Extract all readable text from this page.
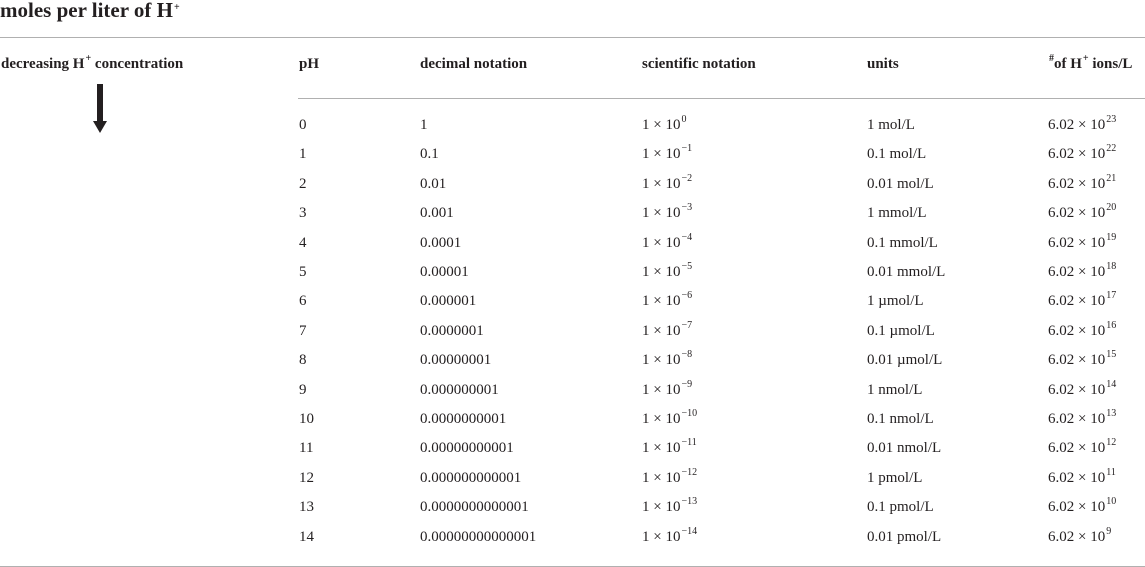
moles per liter of H+
decreasing H+ concentration	pH	decimal notation	scientific notation	units	#of H+ ions/L
0	1	$1 \times 10^0$	1 mol/L	$6.02 \times 10^{23}$
1	0.1	$1 \times 10^{-1}$	0.1 mol/L	$6.02 \times 10^{22}$
2	0.01	$1 \times 10^{-2}$	0.01 mol/L	$6.02 \times 10^{21}$
3	0.001	$1 \times 10^{-3}$	1 mmol/L	$6.02 \times 10^{20}$
4	0.0001	$1 \times 10^{-4}$	0.1 mmol/L	$6.02 \times 10^{19}$
5	0.00001	$1 \times 10^{-5}$	0.01 mmol/L	$6.02 \times 10^{18}$
6	0.000001	$1 \times 10^{-6}$	1 µmol/L	$6.02 \times 10^{17}$
7	0.0000001	$1 \times 10^{-7}$	0.1 µmol/L	$6.02 \times 10^{16}$
8	0.00000001	$1 \times 10^{-8}$	0.01 µmol/L	$6.02 \times 10^{15}$
9	0.000000001	$1 \times 10^{-9}$	1 nmol/L	$6.02 \times 10^{14}$
10	0.0000000001	$1 \times 10^{-10}$	0.1 nmol/L	$6.02 \times 10^{13}$
11	0.00000000001	$1 \times 10^{-11}$	0.01 nmol/L	$6.02 \times 10^{12}$
12	0.000000000001	$1 \times 10^{-12}$	1 pmol/L	$6.02 \times 10^{11}$
13	0.0000000000001	$1 \times 10^{-13}$	0.1 pmol/L	$6.02 \times 10^{10}$
14	0.00000000000001	$1 \times 10^{-14}$	0.01 pmol/L	$6.02 \times 10^9$
